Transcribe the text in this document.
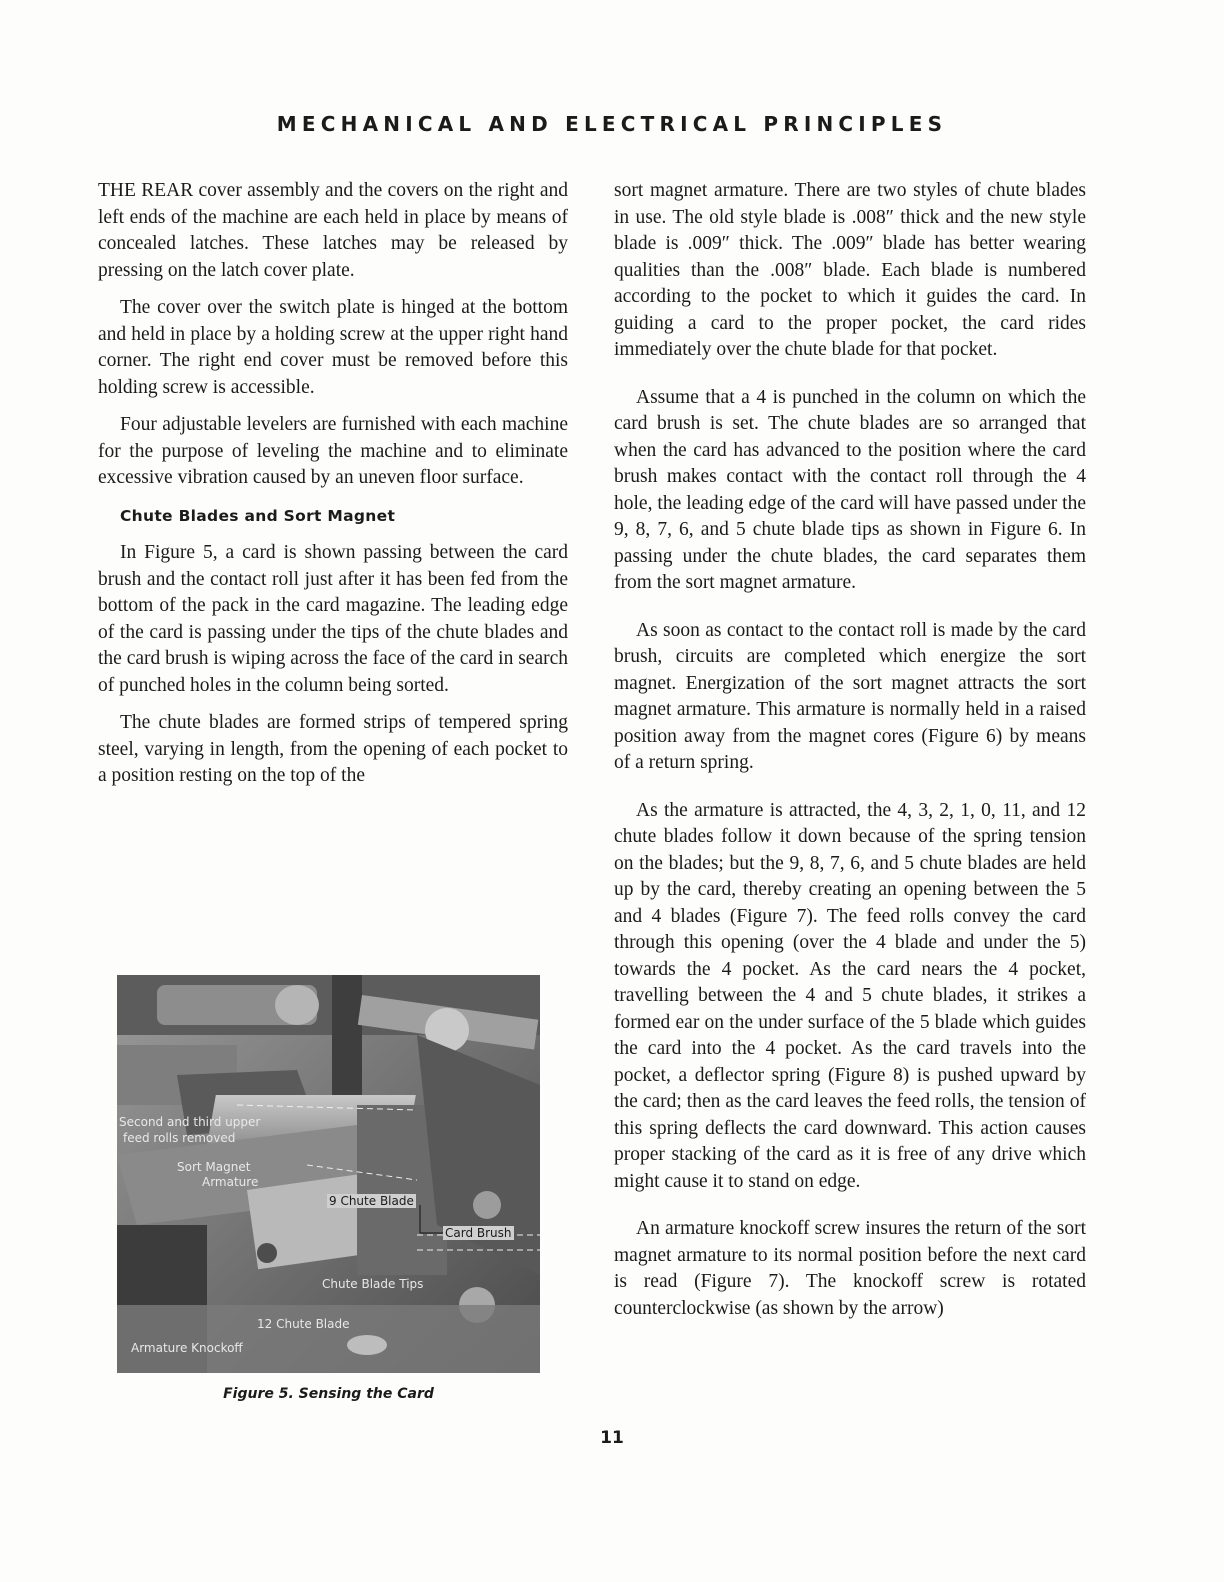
MECHANICAL AND ELECTRICAL PRINCIPLES

THE REAR cover assembly and the covers on the right and left ends of the machine are each held in place by means of concealed latches. These latches may be released by pressing on the latch cover plate.

The cover over the switch plate is hinged at the bottom and held in place by a holding screw at the upper right hand corner. The right end cover must be removed before this holding screw is accessible.

Four adjustable levelers are furnished with each machine for the purpose of leveling the machine and to eliminate excessive vibration caused by an uneven floor surface.

Chute Blades and Sort Magnet

In Figure 5, a card is shown passing between the card brush and the contact roll just after it has been fed from the bottom of the pack in the card magazine. The leading edge of the card is passing under the tips of the chute blades and the card brush is wiping across the face of the card in search of punched holes in the column being sorted.

The chute blades are formed strips of tempered spring steel, varying in length, from the opening of each pocket to a position resting on the top of the

Second and third upper
feed rolls removed
Sort Magnet
Armature
9 Chute Blade
Card Brush
Chute Blade Tips
12 Chute Blade
Armature Knockoff
Figure 5. Sensing the Card

sort magnet armature. There are two styles of chute blades in use. The old style blade is .008″ thick and the new style blade is .009″ thick. The .009″ blade has better wearing qualities than the .008″ blade. Each blade is numbered according to the pocket to which it guides the card. In guiding a card to the proper pocket, the card rides immediately over the chute blade for that pocket.

Assume that a 4 is punched in the column on which the card brush is set. The chute blades are so arranged that when the card has advanced to the position where the card brush makes contact with the contact roll through the 4 hole, the leading edge of the card will have passed under the 9, 8, 7, 6, and 5 chute blade tips as shown in Figure 6. In passing under the chute blades, the card separates them from the sort magnet armature.

As soon as contact to the contact roll is made by the card brush, circuits are completed which energize the sort magnet. Energization of the sort magnet attracts the sort magnet armature. This armature is normally held in a raised position away from the magnet cores (Figure 6) by means of a return spring.

As the armature is attracted, the 4, 3, 2, 1, 0, 11, and 12 chute blades follow it down because of the spring tension on the blades; but the 9, 8, 7, 6, and 5 chute blades are held up by the card, thereby creating an opening between the 5 and 4 blades (Figure 7). The feed rolls convey the card through this opening (over the 4 blade and under the 5) towards the 4 pocket. As the card nears the 4 pocket, travelling between the 4 and 5 chute blades, it strikes a formed ear on the under surface of the 5 blade which guides the card into the 4 pocket. As the card travels into the pocket, a deflector spring (Figure 8) is pushed upward by the card; then as the card leaves the feed rolls, the tension of this spring deflects the card downward. This action causes proper stacking of the card as it is free of any drive which might cause it to stand on edge.

An armature knockoff screw insures the return of the sort magnet armature to its normal position before the next card is read (Figure 7). The knockoff screw is rotated counterclockwise (as shown by the arrow)

11
